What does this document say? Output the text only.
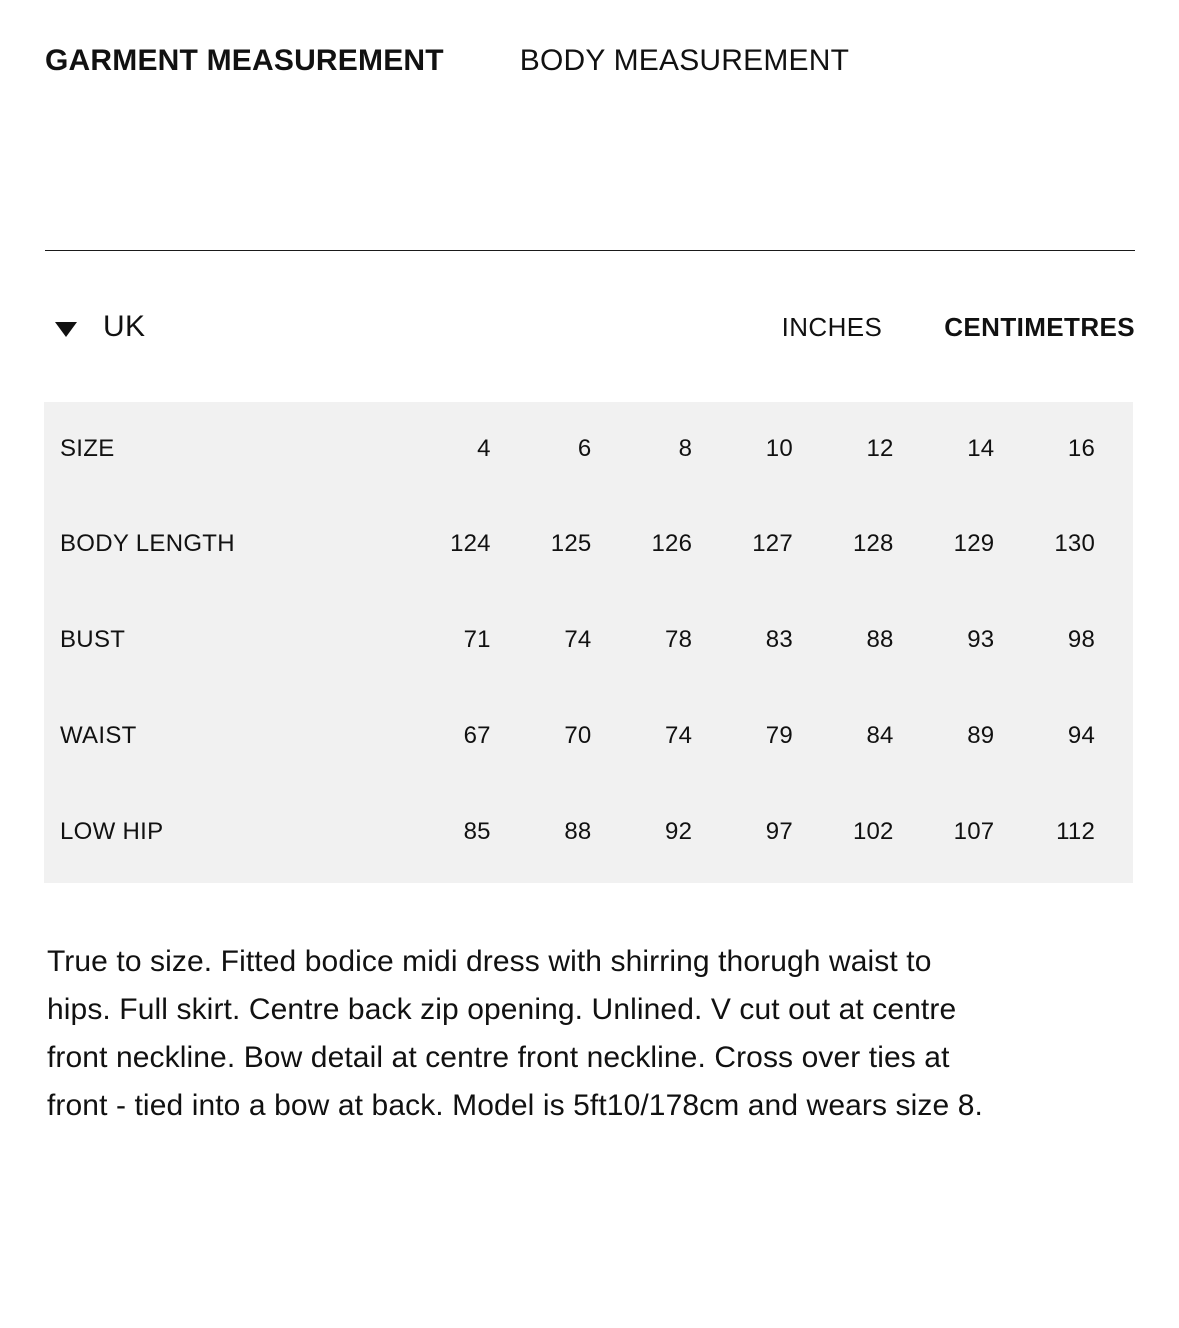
GARMENT MEASUREMENT	BODY MEASUREMENT
UK	INCHES CENTIMETRES
SIZE	4	6	8	10	12	14	16
BODY LENGTH	124	125	126	127	128	129	130
BUST	71	74	78	83	88	93	98
WAIST	67	70	74	79	84	89	94
LOW HIP	85	88	92	97	102	107	112
True to size. Fitted bodice midi dress with shirring thorugh waist to hips. Full skirt. Centre back zip opening. Unlined. V cut out at centre front neckline. Bow detail at centre front neckline. Cross over ties at front - tied into a bow at back. Model is 5ft10/178cm and wears size 8.
